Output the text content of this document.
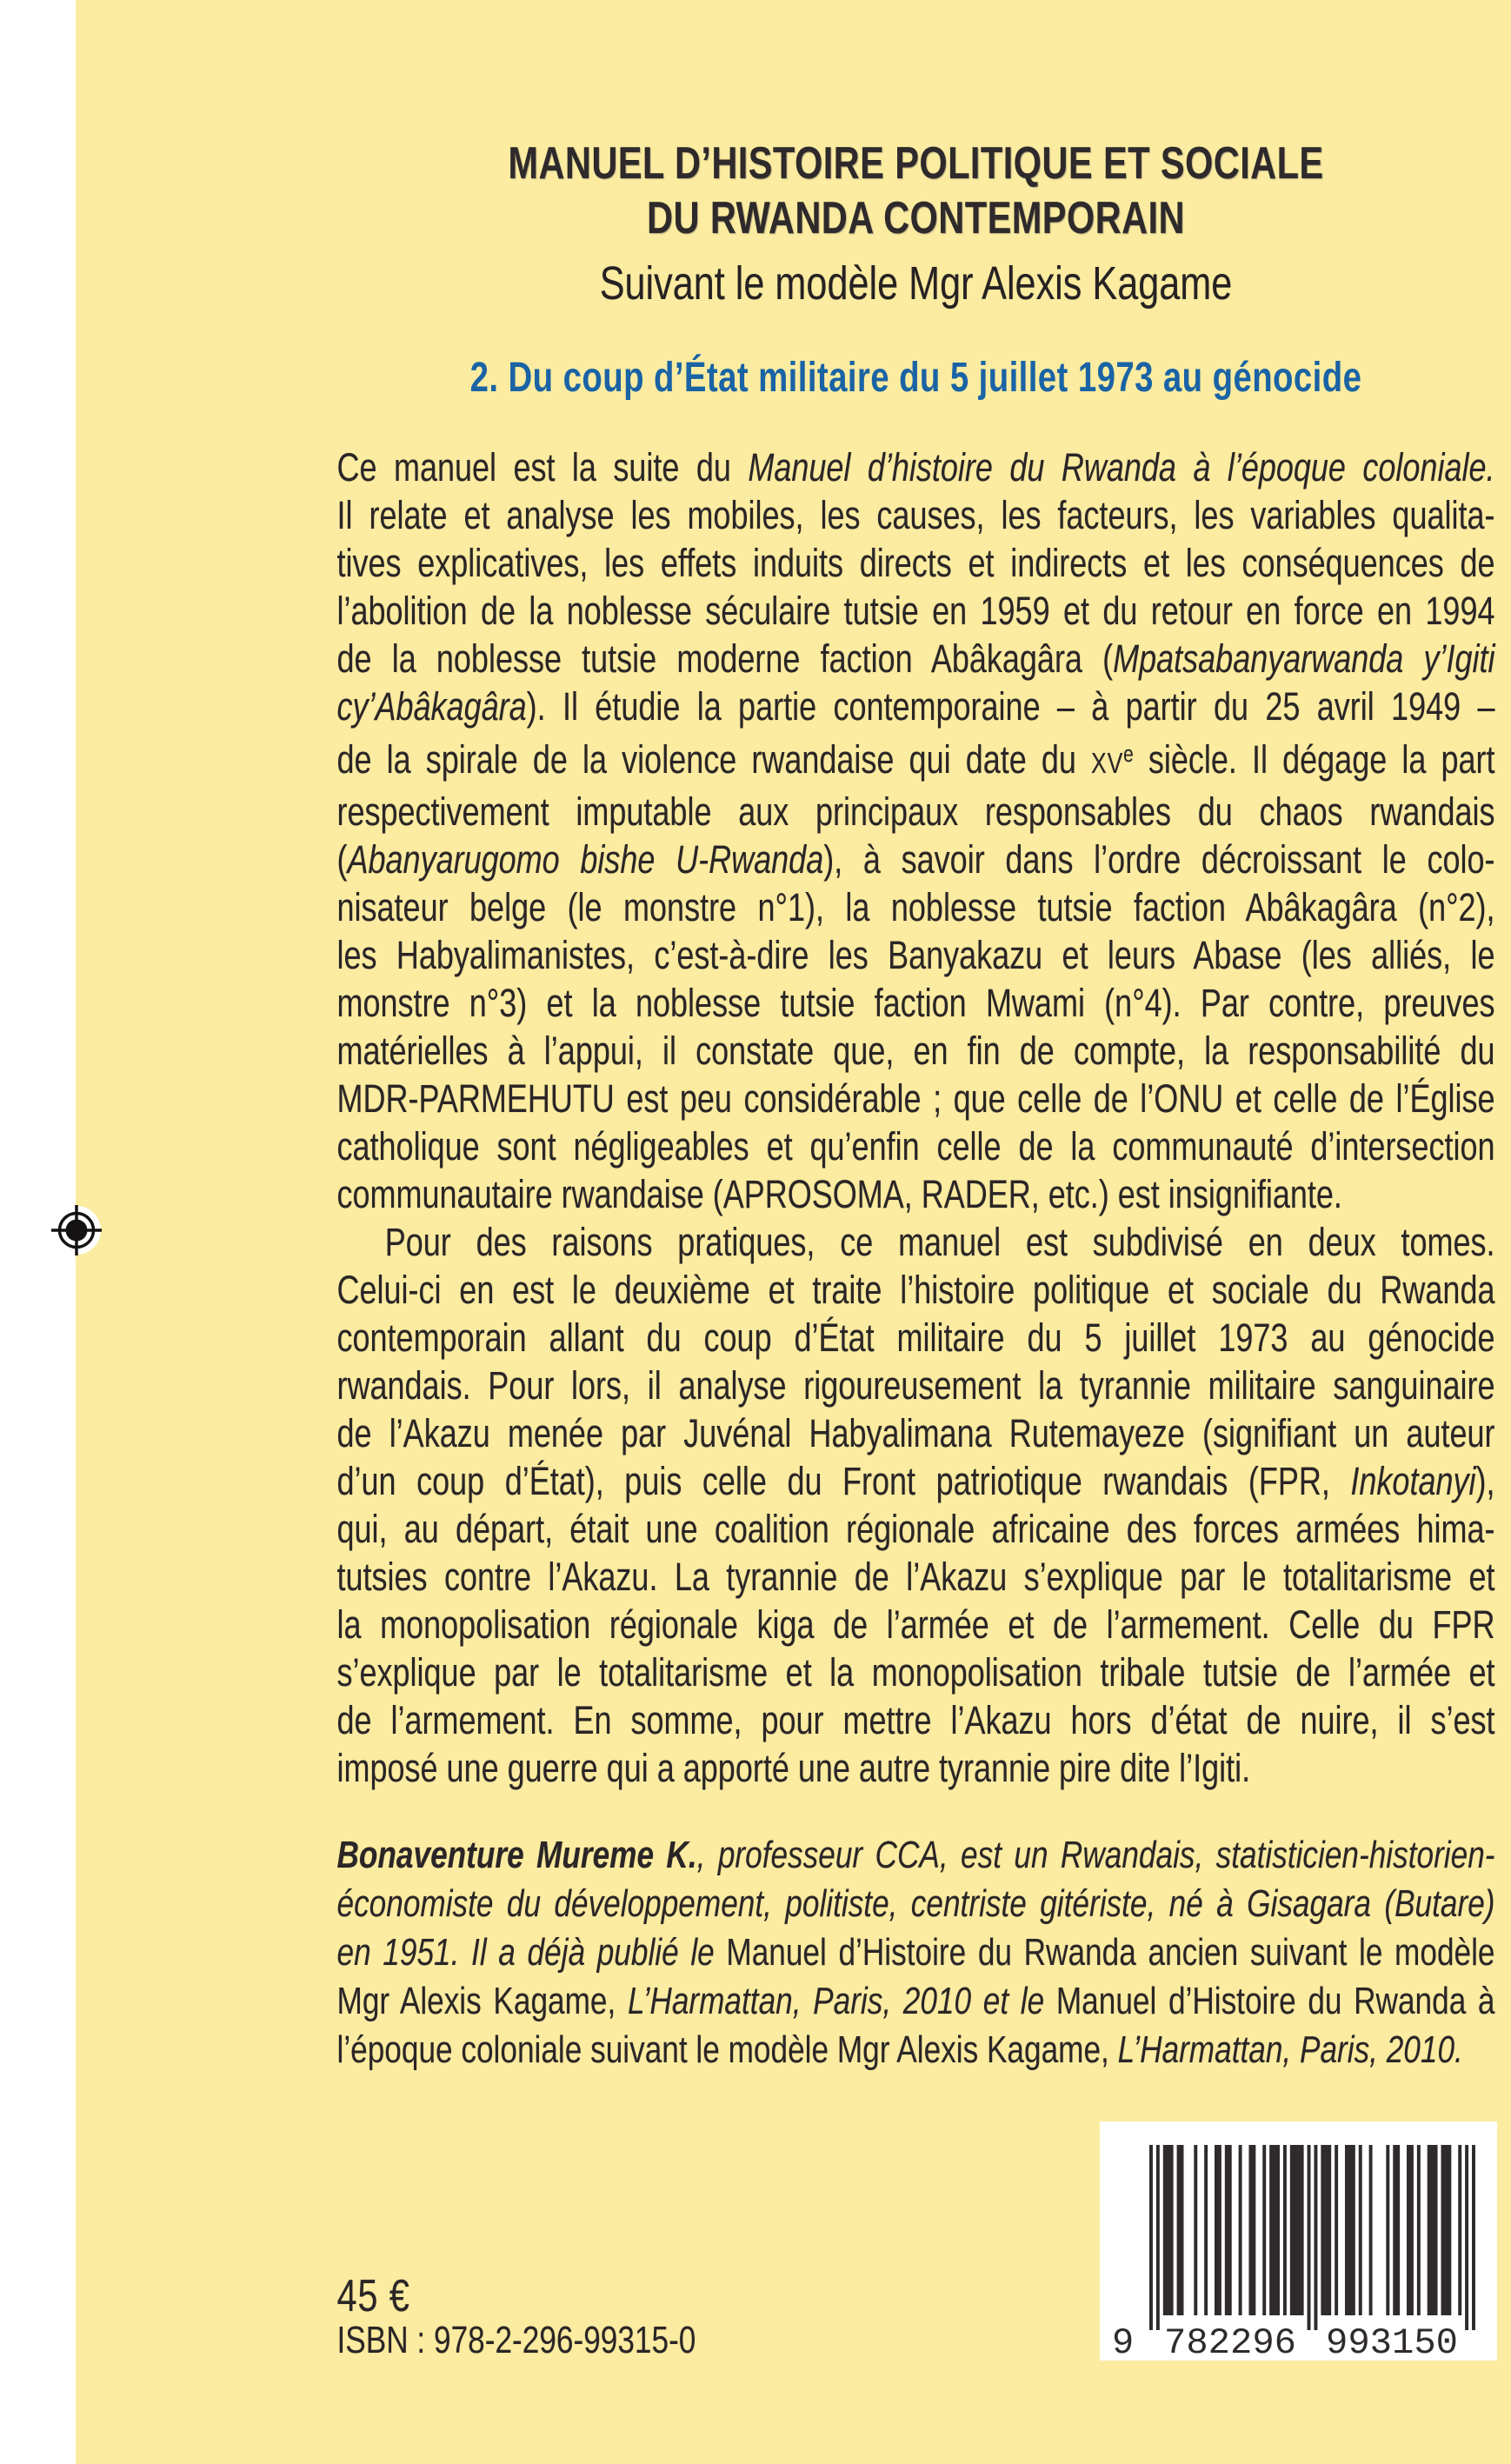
MANUEL D’HISTOIRE POLITIQUE ET SOCIALE
DU RWANDA CONTEMPORAIN
Suivant le modèle Mgr Alexis Kagame
2. Du coup d’État militaire du 5 juillet 1973 au génocide
Ce manuel est la suite du Manuel d’histoire du Rwanda à l’époque coloniale.
Il relate et analyse les mobiles, les causes, les facteurs, les variables qualita-
tives explicatives, les effets induits directs et indirects et les conséquences de
l’abolition de la noblesse séculaire tutsie en 1959 et du retour en force en 1994
de la noblesse tutsie moderne faction Abâkagâra (Mpatsabanyarwanda y’Igiti
cy’Abâkagâra). Il étudie la partie contemporaine – à partir du 25 avril 1949 –
de la spirale de la violence rwandaise qui date du XVe siècle. Il dégage la part
respectivement imputable aux principaux responsables du chaos rwandais
(Abanyarugomo bishe U-Rwanda), à savoir dans l’ordre décroissant le colo-
nisateur belge (le monstre n°1), la noblesse tutsie faction Abâkagâra (n°2),
les Habyalimanistes, c’est-à-dire les Banyakazu et leurs Abase (les alliés, le
monstre n°3) et la noblesse tutsie faction Mwami (n°4). Par contre, preuves
matérielles à l’appui, il constate que, en fin de compte, la responsabilité du
MDR-PARMEHUTU est peu considérable ; que celle de l’ONU et celle de l’Église
catholique sont négligeables et qu’enfin celle de la communauté d’intersection
communautaire rwandaise (APROSOMA, RADER, etc.) est insignifiante.
Pour des raisons pratiques, ce manuel est subdivisé en deux tomes.
Celui-ci en est le deuxième et traite l’histoire politique et sociale du Rwanda
contemporain allant du coup d’État militaire du 5 juillet 1973 au génocide
rwandais. Pour lors, il analyse rigoureusement la tyrannie militaire sanguinaire
de l’Akazu menée par Juvénal Habyalimana Rutemayeze (signifiant un auteur
d’un coup d’État), puis celle du Front patriotique rwandais (FPR, Inkotanyi),
qui, au départ, était une coalition régionale africaine des forces armées hima-
tutsies contre l’Akazu. La tyrannie de l’Akazu s’explique par le totalitarisme et
la monopolisation régionale kiga de l’armée et de l’armement. Celle du FPR
s’explique par le totalitarisme et la monopolisation tribale tutsie de l’armée et
de l’armement. En somme, pour mettre l’Akazu hors d’état de nuire, il s’est
imposé une guerre qui a apporté une autre tyrannie pire dite l’Igiti.
Bonaventure Mureme K., professeur CCA, est un Rwandais, statisticien-historien-
économiste du développement, politiste, centriste gitériste, né à Gisagara (Butare)
en 1951. Il a déjà publié le Manuel d’Histoire du Rwanda ancien suivant le modèle
Mgr Alexis Kagame, L’Harmattan, Paris, 2010 et le Manuel d’Histoire du Rwanda à
l’époque coloniale suivant le modèle Mgr Alexis Kagame, L’Harmattan, Paris, 2010.
45 €
ISBN : 978-2-296-99315-0	9 782296 993150
